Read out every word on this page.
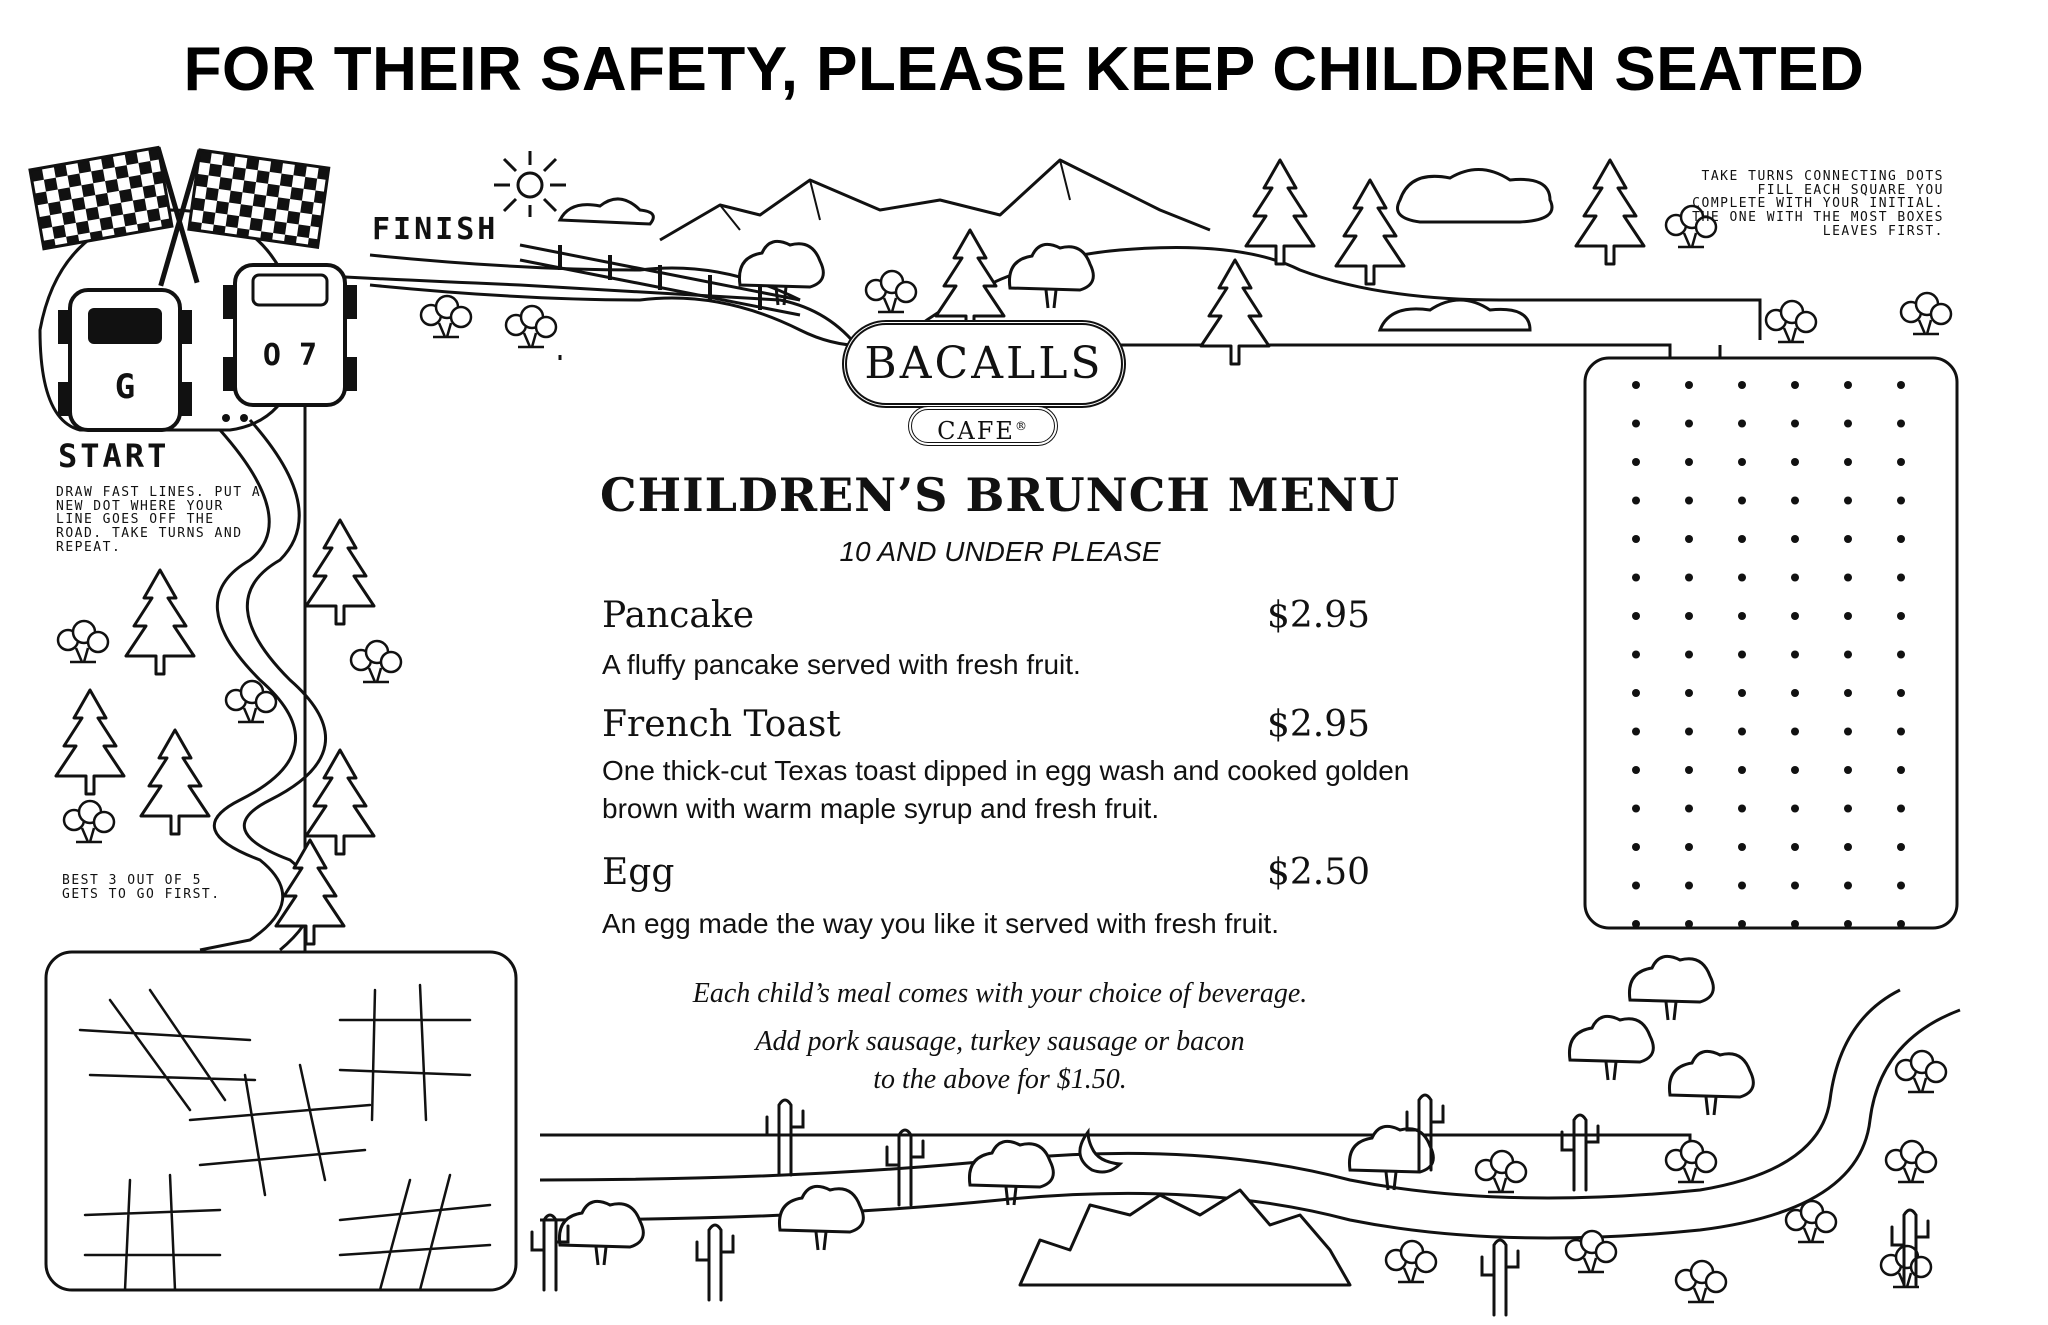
FOR THEIR SAFETY, PLEASE KEEP CHILDREN SEATED
G
O 7
FINISH
START
DRAW FAST LINES. PUT A NEW DOT WHERE YOUR LINE GOES OFF THE ROAD. TAKE TURNS AND REPEAT.
BEST 3 OUT OF 5 GETS TO GO FIRST.
TAKE TURNS CONNECTING DOTS FILL EACH SQUARE YOU COMPLETE WITH YOUR INITIAL. THE ONE WITH THE MOST BOXES LEAVES FIRST.
BACALLS
CAFE®
CHILDREN’S BRUNCH MENU
10 AND UNDER PLEASE
Pancake	$2.95
A fluffy pancake served with fresh fruit.
French Toast	$2.95
One thick-cut Texas toast dipped in egg wash and cooked golden brown with warm maple syrup and fresh fruit.
Egg	$2.50
An egg made the way you like it served with fresh fruit.
Each child’s meal comes with your choice of beverage.
Add pork sausage, turkey sausage or bacon
to the above for $1.50.
